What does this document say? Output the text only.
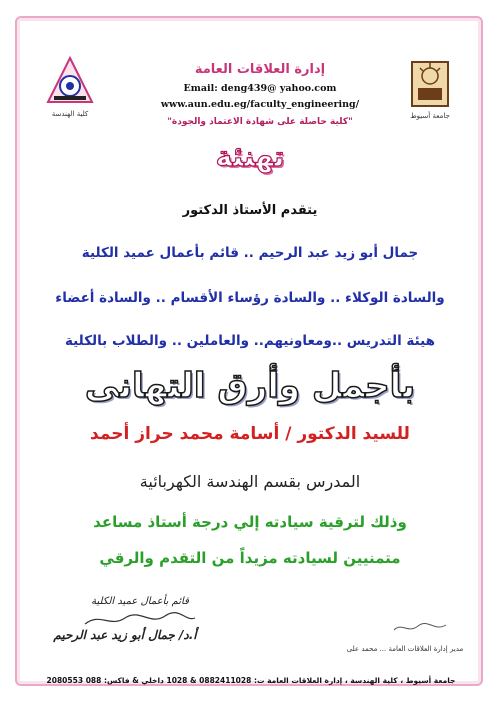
كلية الهندسة	جامعة أسيوط
إدارة العلاقات العامة
Email: deng439@ yahoo.com
www.aun.edu.eg/faculty_engineering/
"كلية حاصلة على شهادة الاعتماد والجودة"
تهنئة
يتقدم الأستاذ الدكتور
جمال أبو زيد عبد الرحيم .. قائم بأعمال عميد الكلية
والسادة الوكلاء .. والسادة رؤساء الأقسام .. والسادة أعضاء
هيئة التدريس ..ومعاونيهم.. والعاملين .. والطلاب بالكلية
بأجمل وأرق التهانى
للسيد الدكتور / أسامة محمد حراز أحمد
المدرس بقسم الهندسة الكهربائية
وذلك لترقية سيادته إلي درجة أستاذ مساعد
متمنيين لسيادته مزيداً من التقدم والرقي
قائم بأعمال عميد الكلية
أ.د/ جمال أبو زيد عبد الرحيم
مدير إدارة العلاقات العامة ... محمد على
جامعة أسيوط ، كلية الهندسة ، إدارة العلاقات العامة ت: 0882411028 & 1028 داخلي & فاكس: 088 2080553
